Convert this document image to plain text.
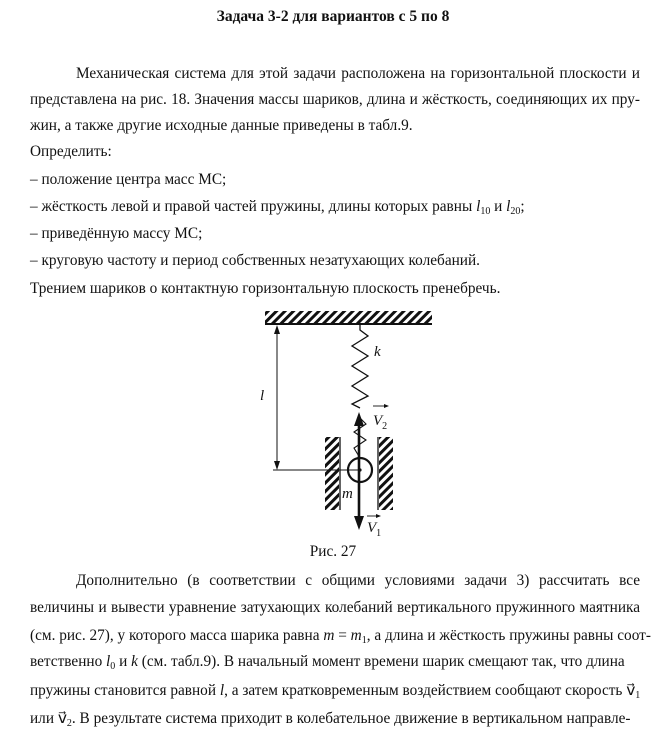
Задача 3-2 для вариантов с 5 по 8
Механическая система для этой задачи расположена на горизонтальной плоскости и
представлена на рис. 18. Значения массы шариков, длина и жёсткость, соединяющих их пру-
жин, а также другие исходные данные приведены в табл.9.
Определить:
– положение центра масс МС;
– жёсткость левой и правой частей пружины, длины которых равны $l_{10}$ и $l_{20}$;
– приведённую массу МС;
– круговую частоту и период собственных незатухающих колебаний.
Трением шариков о контактную горизонтальную плоскость пренебречь.
l
k
m
$V_2$
$V_1$
Рис. 27
Дополнительно (в соответствии с общими условиями задачи 3) рассчитать все
величины и вывести уравнение затухающих колебаний вертикального пружинного маятника
(см. рис. 27), у которого масса шарика равна $m = m_1$, а длина и жёсткость пружины равны соот-
ветственно $l_0$ и k (см. табл.9). В начальный момент времени шарик смещают так, что длина
пружины становится равной l, а затем кратковременным воздействием сообщают скорость $v⃗_1$
или $v⃗_2$. В результате система приходит в колебательное движение в вертикальном направле-
